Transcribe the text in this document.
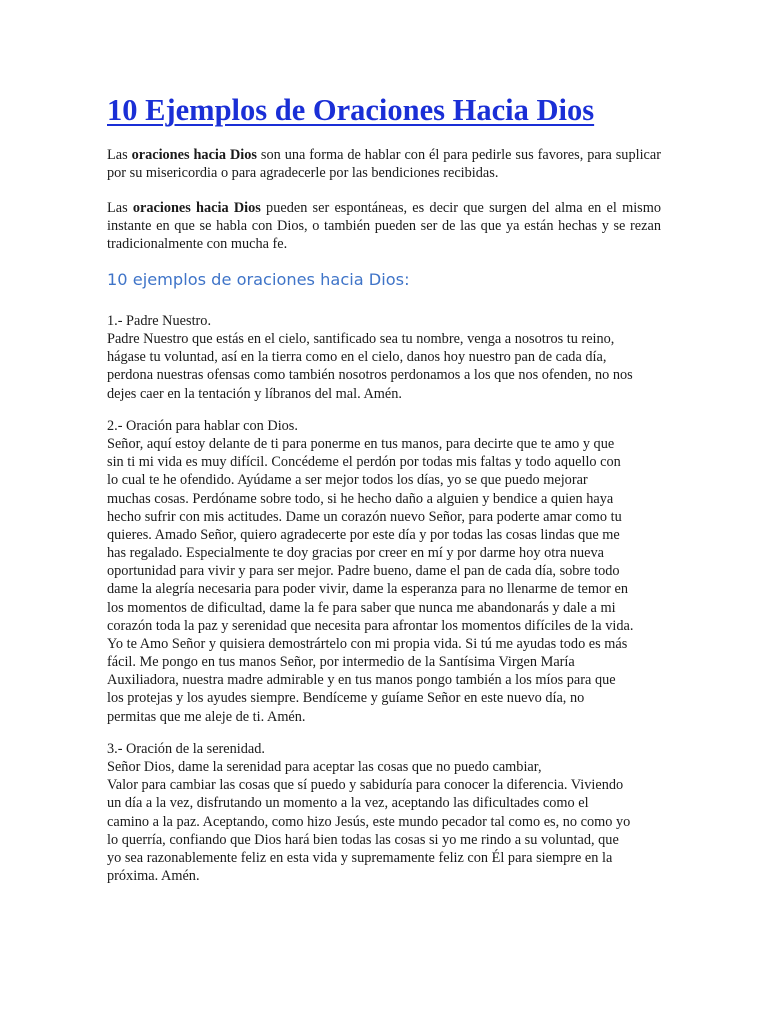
10 Ejemplos de Oraciones Hacia Dios

Las oraciones hacia Dios son una forma de hablar con él para pedirle sus favores, para suplicar por su misericordia o para agradecerle por las bendiciones recibidas.

Las oraciones hacia Dios pueden ser espontáneas, es decir que surgen del alma en el mismo instante en que se habla con Dios, o también pueden ser de las que ya están hechas y se rezan tradicionalmente con mucha fe.

10 ejemplos de oraciones hacia Dios:
1.- Padre Nuestro.
Padre Nuestro que estás en el cielo, santificado sea tu nombre, venga a nosotros tu reino,
hágase tu voluntad, así en la tierra como en el cielo, danos hoy nuestro pan de cada día,
perdona nuestras ofensas como también nosotros perdonamos a los que nos ofenden, no nos
dejes caer en la tentación y líbranos del mal. Amén.
2.- Oración para hablar con Dios.
Señor, aquí estoy delante de ti para ponerme en tus manos, para decirte que te amo y que
sin ti mi vida es muy difícil. Concédeme el perdón por todas mis faltas y todo aquello con
lo cual te he ofendido. Ayúdame a ser mejor todos los días, yo se que puedo mejorar
muchas cosas. Perdóname sobre todo, si he hecho daño a alguien y bendice a quien haya
hecho sufrir con mis actitudes. Dame un corazón nuevo Señor, para poderte amar como tu
quieres. Amado Señor, quiero agradecerte por este día y por todas las cosas lindas que me
has regalado. Especialmente te doy gracias por creer en mí y por darme hoy otra nueva
oportunidad para vivir y para ser mejor. Padre bueno, dame el pan de cada día, sobre todo
dame la alegría necesaria para poder vivir, dame la esperanza para no llenarme de temor en
los momentos de dificultad, dame la fe para saber que nunca me abandonarás y dale a mi
corazón toda la paz y serenidad que necesita para afrontar los momentos difíciles de la vida.
Yo te Amo Señor y quisiera demostrártelo con mi propia vida. Si tú me ayudas todo es más
fácil. Me pongo en tus manos Señor, por intermedio de la Santísima Virgen María
Auxiliadora, nuestra madre admirable y en tus manos pongo también a los míos para que
los protejas y los ayudes siempre. Bendíceme y guíame Señor en este nuevo día, no
permitas que me aleje de ti. Amén.
3.- Oración de la serenidad.
Señor Dios, dame la serenidad para aceptar las cosas que no puedo cambiar,
Valor para cambiar las cosas que sí puedo y sabiduría para conocer la diferencia. Viviendo
un día a la vez, disfrutando un momento a la vez, aceptando las dificultades como el
camino a la paz. Aceptando, como hizo Jesús, este mundo pecador tal como es, no como yo
lo querría, confiando que Dios hará bien todas las cosas si yo me rindo a su voluntad, que
yo sea razonablemente feliz en esta vida y supremamente feliz con Él para siempre en la
próxima. Amén.
